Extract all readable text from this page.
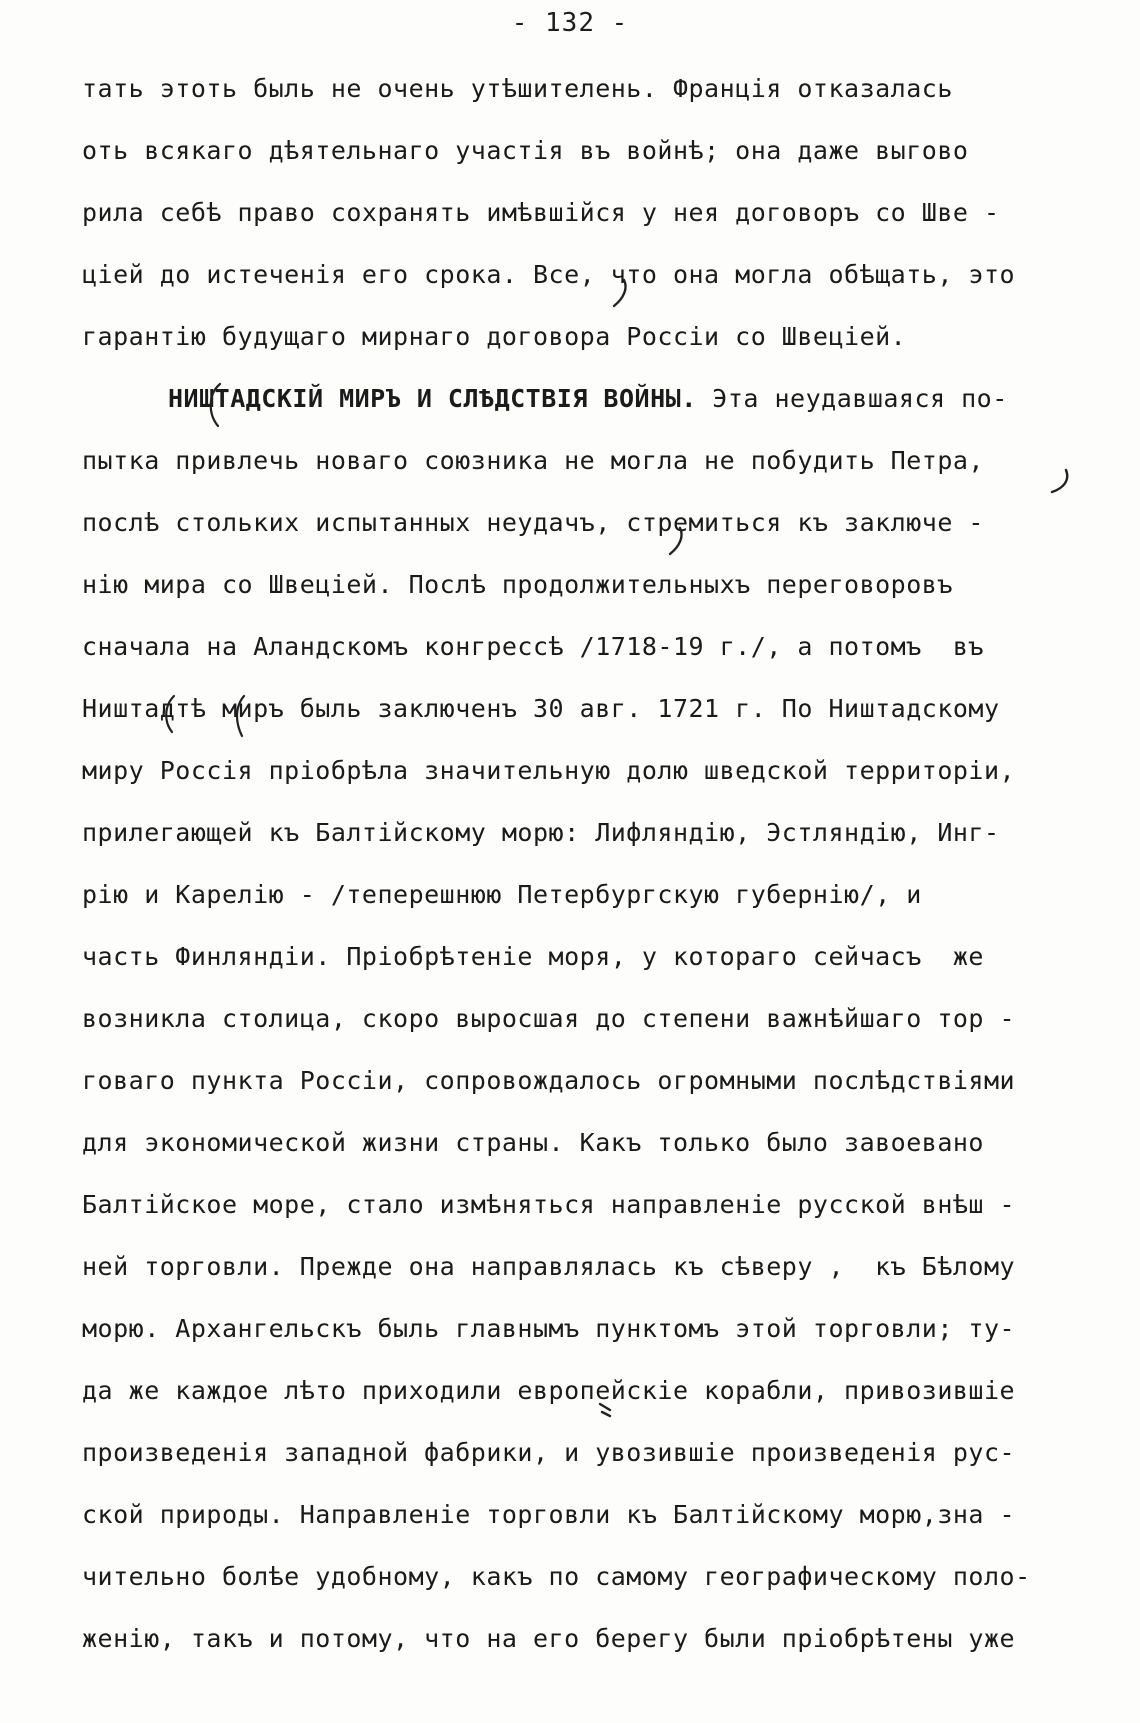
- 132 -
тать этоть быль не очень утѣшителень. Франція отказалась
оть всякаго дѣятельнаго участія въ войнѣ; она даже выгово
рила себѣ право сохранять имѣвшійся у нея договоръ со Шве -
ціей до истеченія его срока. Все, что она могла обѣщать, это
гарантію будущаго мирнаго договора Россіи со Швеціей.
НИШТАДСКІЙ МИРЪ И СЛѢДСТВІЯ ВОЙНЫ. Эта неудавшаяся по-
пытка привлечь новаго союзника не могла не побудить Петра,
послѣ стольких испытанных неудачъ, стремиться къ заключе -
нію мира со Швеціей. Послѣ продолжительныхъ переговоровъ
сначала на Аландскомъ конгрессѣ /1718-19 г./, а потомъ  въ
Ништадтѣ миръ быль заключенъ 30 авг. 1721 г. По Ништадскому
миру Россія пріобрѣла значительную долю шведской территоріи,
прилегающей къ Балтійскому морю: Лифляндію, Эстляндію, Инг-
рію и Карелію - /теперешнюю Петербургскую губернію/, и
часть Финляндіи. Пріобрѣтеніе моря, у котораго сейчасъ  же
возникла столица, скоро выросшая до степени важнѣйшаго тор -
говаго пункта Россіи, сопровождалось огромными послѣдствіями
для экономической жизни страны. Какъ только было завоевано
Балтійское море, стало измѣняться направленіе русской внѣш -
ней торговли. Прежде она направлялась къ сѣверу ,  къ Бѣлому
морю. Архангельскъ быль главнымъ пунктомъ этой торговли; ту-
да же каждое лѣто приходили европейскіе корабли, привозившіе
произведенія западной фабрики, и увозившіе произведенія рус-
ской природы. Направленіе торговли къ Балтійскому морю,зна -
чительно болѣе удобному, какъ по самому географическому поло-
женію, такъ и потому, что на его берегу были пріобрѣтены уже
